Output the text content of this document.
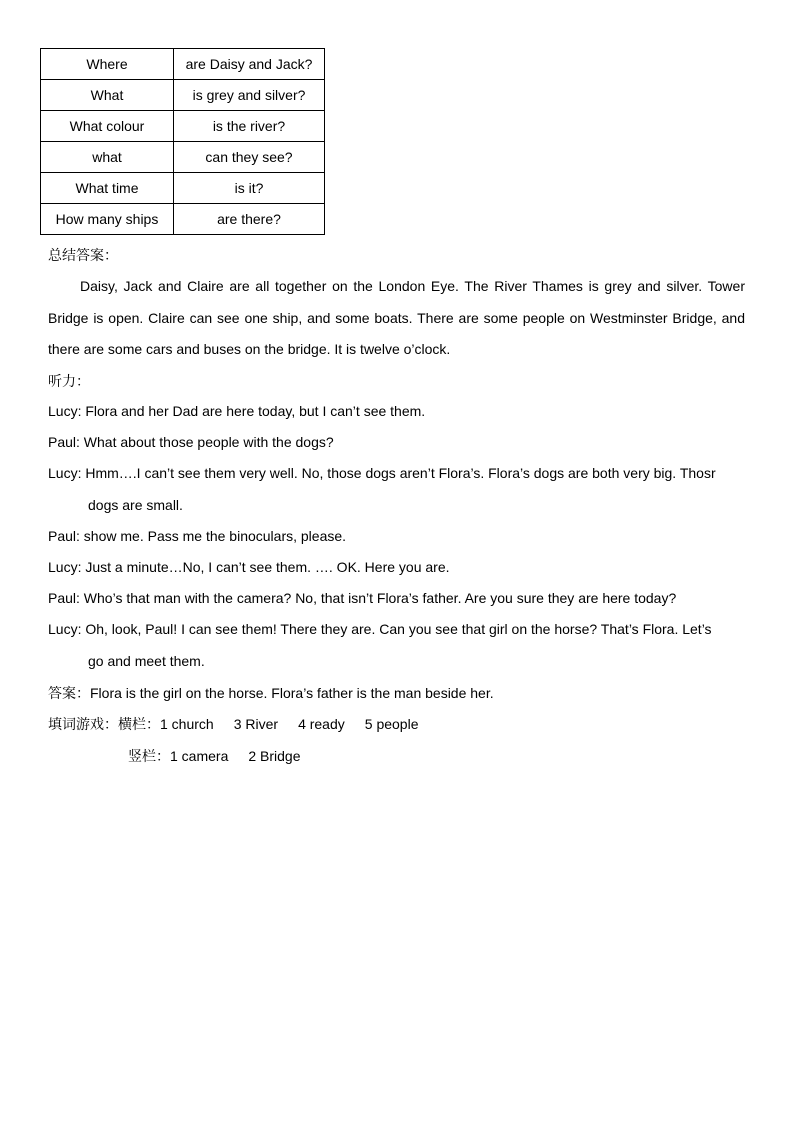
Where	are Daisy and Jack?
What	is grey and silver?
What colour	is the river?
what	can they see?
What time	is it?
How many ships	are there?
总结答案：

Daisy, Jack and Claire are all together on the London Eye. The River Thames is grey and silver. Tower Bridge is open. Claire can see one ship, and some boats. There are some people on Westminster Bridge, and there are some cars and buses on the bridge. It is twelve o’clock.

听力：
Lucy: Flora and her Dad are here today, but I can’t see them.
Paul: What about those people with the dogs?
Lucy: Hmm….I can’t see them very well. No, those dogs aren’t Flora’s. Flora’s dogs are both very big. Thosr
dogs are small.
Paul: show me. Pass me the binoculars, please.
Lucy: Just a minute…No, I can’t see them. …. OK. Here you are.
Paul: Who’s that man with the camera? No, that isn’t Flora’s father. Are you sure they are here today?
Lucy: Oh, look, Paul! I can see them! There they are. Can you see that girl on the horse? That’s Flora. Let’s
go and meet them.
答案：Flora is the girl on the horse. Flora’s father is the man beside her.
填词游戏：横栏：1 church 3 River 4 ready 5 people
竖栏：1 camera 2 Bridge
